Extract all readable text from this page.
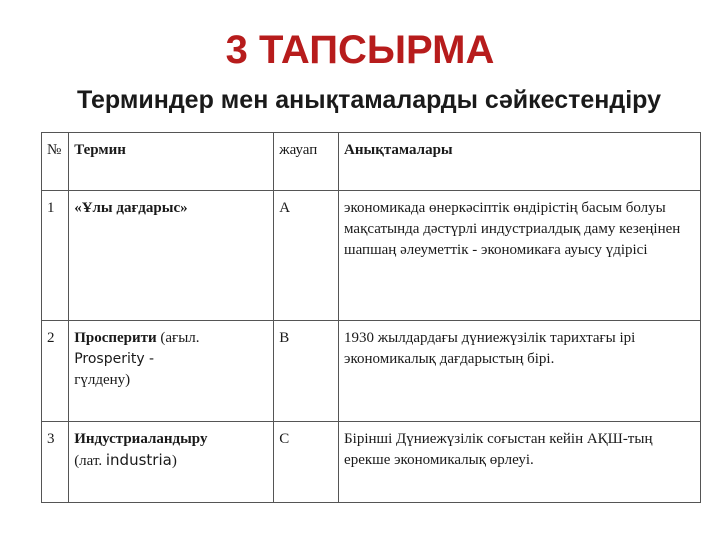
3 ТАПСЫРМА
Терминдер мен анықтамаларды сәйкестендіру
№	Термин	жауап	Анықтамалары
1	«Ұлы дағдарыс»	А	экономикада өнеркәсіптік өндірістің басым болуы мақсатында дәстүрлі индустриалдық даму кезеңінен шапшаң әлеуметтік - экономикаға ауысу үдірісі
2	Просперити (ағыл.
Prosperity -
гүлдену)	В	1930 жылдардағы дүниежүзілік тарихтағы ірі экономикалық дағдарыстың бірі.
3	Индустриаландыру
(лат. industria)	С	Бірінші Дүниежүзілік соғыстан кейін АҚШ-тың ерекше экономикалық өрлеуі.
